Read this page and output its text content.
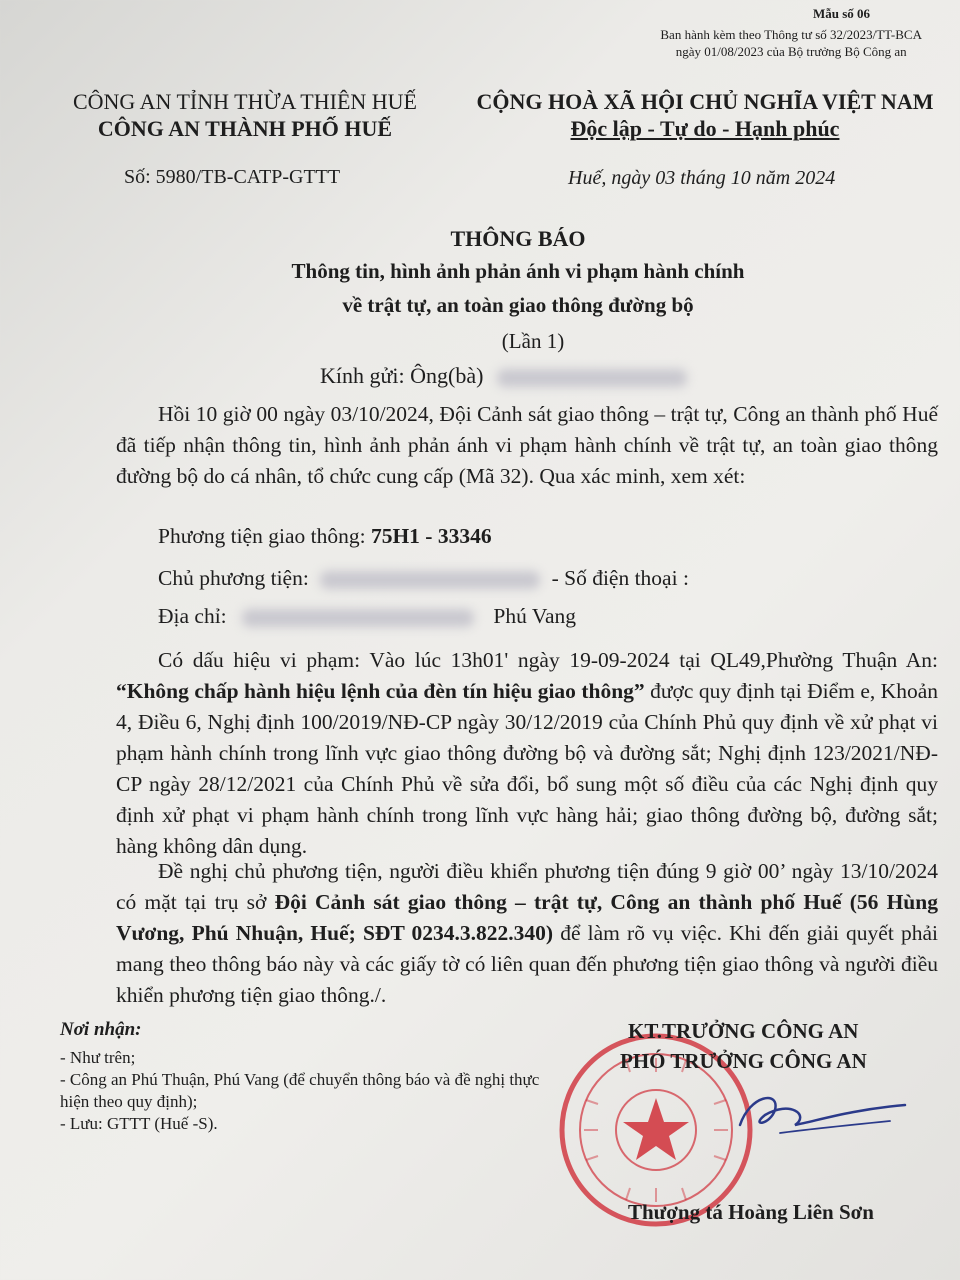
Mẫu số 06
Ban hành kèm theo Thông tư số 32/2023/TT-BCA
ngày 01/08/2023 của Bộ trưởng Bộ Công an
CÔNG AN TỈNH THỪA THIÊN HUẾ
CÔNG AN THÀNH PHỐ HUẾ
CỘNG HOÀ XÃ HỘI CHỦ NGHĨA VIỆT NAM
Độc lập - Tự do - Hạnh phúc
Số: 5980/TB-CATP-GTTT	Huế, ngày 03 tháng 10 năm 2024
THÔNG BÁO
Thông tin, hình ảnh phản ánh vi phạm hành chính
về trật tự, an toàn giao thông đường bộ
(Lần 1)
Kính gửi: Ông(bà)
Hồi 10 giờ 00 ngày 03/10/2024, Đội Cảnh sát giao thông – trật tự, Công an thành phố Huế đã tiếp nhận thông tin, hình ảnh phản ánh vi phạm hành chính về trật tự, an toàn giao thông đường bộ do cá nhân, tổ chức cung cấp (Mã 32). Qua xác minh, xem xét:
Phương tiện giao thông: 75H1 - 33346
Chủ phương tiện:	- Số điện thoại :
Địa chỉ:	Phú Vang
Có dấu hiệu vi phạm: Vào lúc 13h01' ngày 19-09-2024 tại QL49,Phường Thuận An: “Không chấp hành hiệu lệnh của đèn tín hiệu giao thông” được quy định tại Điểm e, Khoản 4, Điều 6, Nghị định 100/2019/NĐ-CP ngày 30/12/2019 của Chính Phủ quy định về xử phạt vi phạm hành chính trong lĩnh vực giao thông đường bộ và đường sắt; Nghị định 123/2021/NĐ-CP ngày 28/12/2021 của Chính Phủ về sửa đổi, bổ sung một số điều của các Nghị định quy định xử phạt vi phạm hành chính trong lĩnh vực hàng hải; giao thông đường bộ, đường sắt; hàng không dân dụng.
Đề nghị chủ phương tiện, người điều khiển phương tiện đúng 9 giờ 00’ ngày 13/10/2024 có mặt tại trụ sở Đội Cảnh sát giao thông – trật tự, Công an thành phố Huế (56 Hùng Vương, Phú Nhuận, Huế; SĐT 0234.3.822.340) để làm rõ vụ việc. Khi đến giải quyết phải mang theo thông báo này và các giấy tờ có liên quan đến phương tiện giao thông và người điều khiển phương tiện giao thông./.
Nơi nhận:
- Như trên;
- Công an Phú Thuận, Phú Vang (để chuyển thông báo và đề nghị thực hiện theo quy định);
- Lưu: GTTT (Huế -S).
KT.TRƯỞNG CÔNG AN
PHÓ TRƯỞNG CÔNG AN
Thượng tá Hoàng Liên Sơn
